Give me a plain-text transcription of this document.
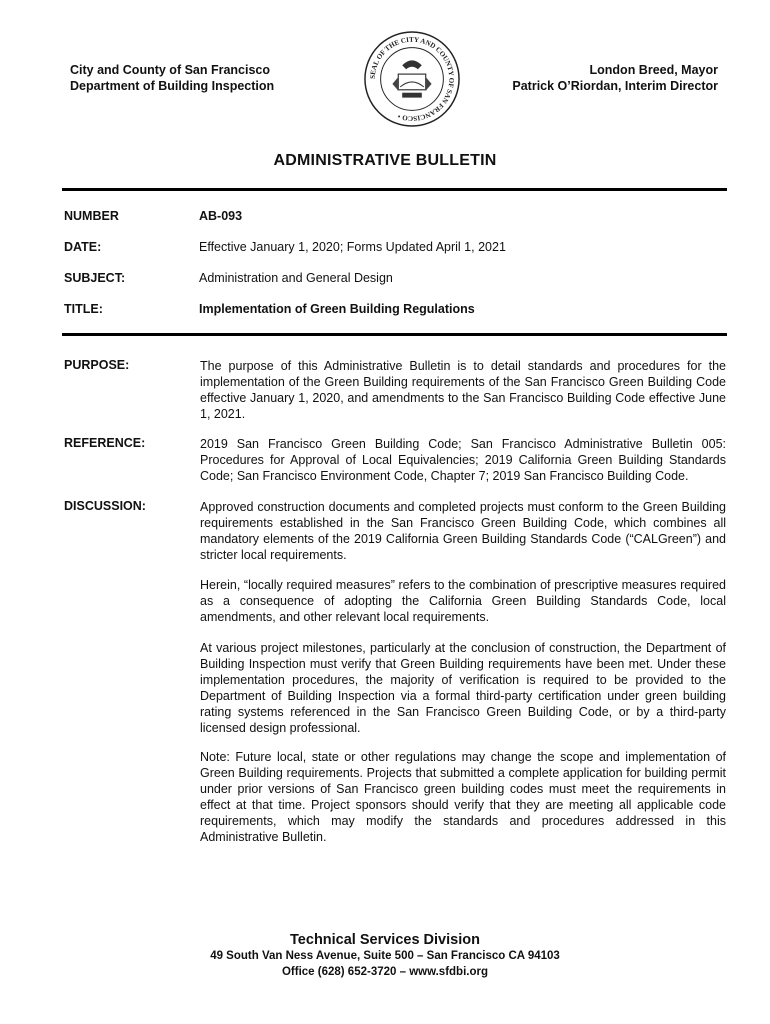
City and County of San Francisco
Department of Building Inspection
SEAL OF THE CITY AND COUNTY OF SAN FRANCISCO •
London Breed, Mayor
Patrick O’Riordan, Interim Director
ADMINISTRATIVE BULLETIN
NUMBER	AB-093
DATE:	Effective January 1, 2020; Forms Updated April 1, 2021
SUBJECT:	Administration and General Design
TITLE:	Implementation of Green Building Regulations
PURPOSE:	The purpose of this Administrative Bulletin is to detail standards and procedures for the implementation of the Green Building requirements of the San Francisco Green Building Code effective January 1, 2020, and amendments to the San Francisco Building Code effective June 1, 2021.
REFERENCE:	2019 San Francisco Green Building Code; San Francisco Administrative Bulletin 005: Procedures for Approval of Local Equivalencies; 2019 California Green Building Standards Code; San Francisco Environment Code, Chapter 7; 2019 San Francisco Building Code.
DISCUSSION:	Approved construction documents and completed projects must conform to the Green Building requirements established in the San Francisco Green Building Code, which combines all mandatory elements of the 2019 California Green Building Standards Code (“CALGreen”) and stricter local requirements.
Herein, “locally required measures” refers to the combination of prescriptive measures required as a consequence of adopting the California Green Building Standards Code, local amendments, and other relevant local requirements.
At various project milestones, particularly at the conclusion of construction, the Department of Building Inspection must verify that Green Building requirements have been met. Under these implementation procedures, the majority of verification is required to be provided to the Department of Building Inspection via a formal third-party certification under green building rating systems referenced in the San Francisco Green Building Code, or by a third-party licensed design professional.
Note: Future local, state or other regulations may change the scope and implementation of Green Building requirements. Projects that submitted a complete application for building permit under prior versions of San Francisco green building codes must meet the requirements in effect at that time. Project sponsors should verify that they are meeting all applicable code requirements, which may modify the standards and procedures addressed in this Administrative Bulletin.
Technical Services Division
49 South Van Ness Avenue, Suite 500 – San Francisco CA 94103
Office (628) 652-3720 – www.sfdbi.org
